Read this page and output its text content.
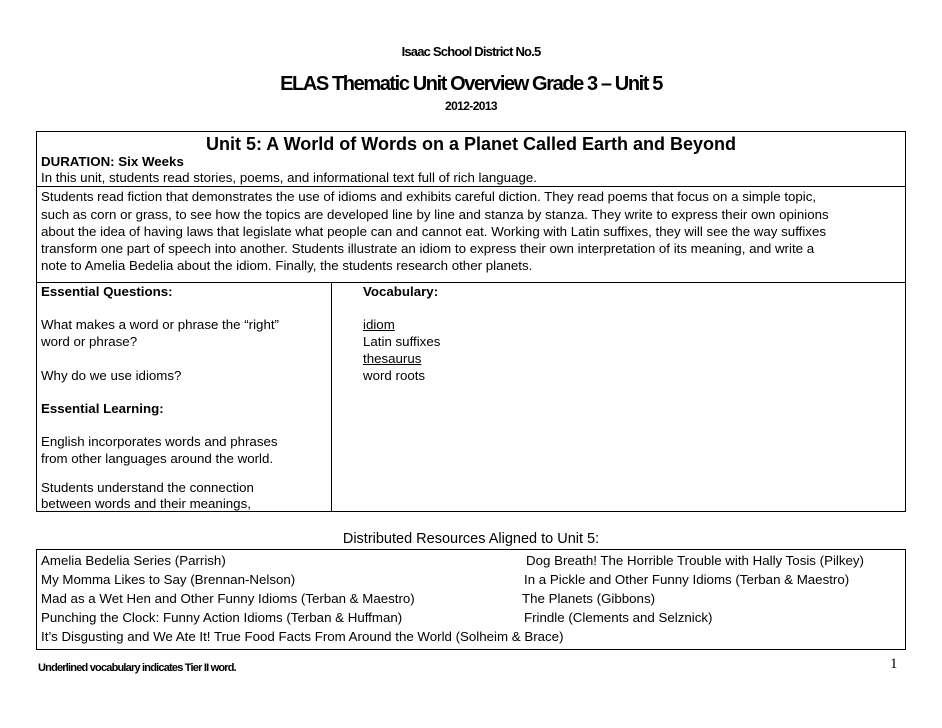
Isaac School District No.5
ELAS Thematic Unit Overview Grade 3 – Unit 5
2012-2013
Unit 5: A World of Words on a Planet Called Earth and Beyond
DURATION: Six Weeks
In this unit, students read stories, poems, and informational text full of rich language.
Students read fiction that demonstrates the use of idioms and exhibits careful diction. They read poems that focus on a simple topic,
such as corn or grass, to see how the topics are developed line by line and stanza by stanza. They write to express their own opinions
about the idea of having laws that legislate what people can and cannot eat. Working with Latin suffixes, they will see the way suffixes
transform one part of speech into another. Students illustrate an idiom to express their own interpretation of its meaning, and write a
note to Amelia Bedelia about the idiom. Finally, the students research other planets.
Essential Questions:
What makes a word or phrase the “right”
word or phrase?
Why do we use idioms?
Essential Learning:
English incorporates words and phrases
from other languages around the world.
Students understand the connection
between words and their meanings,
Vocabulary:
idiom
Latin suffixes
thesaurus
word roots
Distributed Resources Aligned to Unit 5:
Amelia Bedelia Series (Parrish)
My Momma Likes to Say (Brennan-Nelson)
Mad as a Wet Hen and Other Funny Idioms (Terban & Maestro)
Punching the Clock: Funny Action Idioms (Terban & Huffman)
It’s Disgusting and We Ate It! True Food Facts From Around the World (Solheim & Brace)
Dog Breath! The Horrible Trouble with Hally Tosis (Pilkey)
In a Pickle and Other Funny Idioms (Terban & Maestro)
The Planets (Gibbons)
Frindle (Clements and Selznick)
Underlined vocabulary indicates Tier II word.	1
